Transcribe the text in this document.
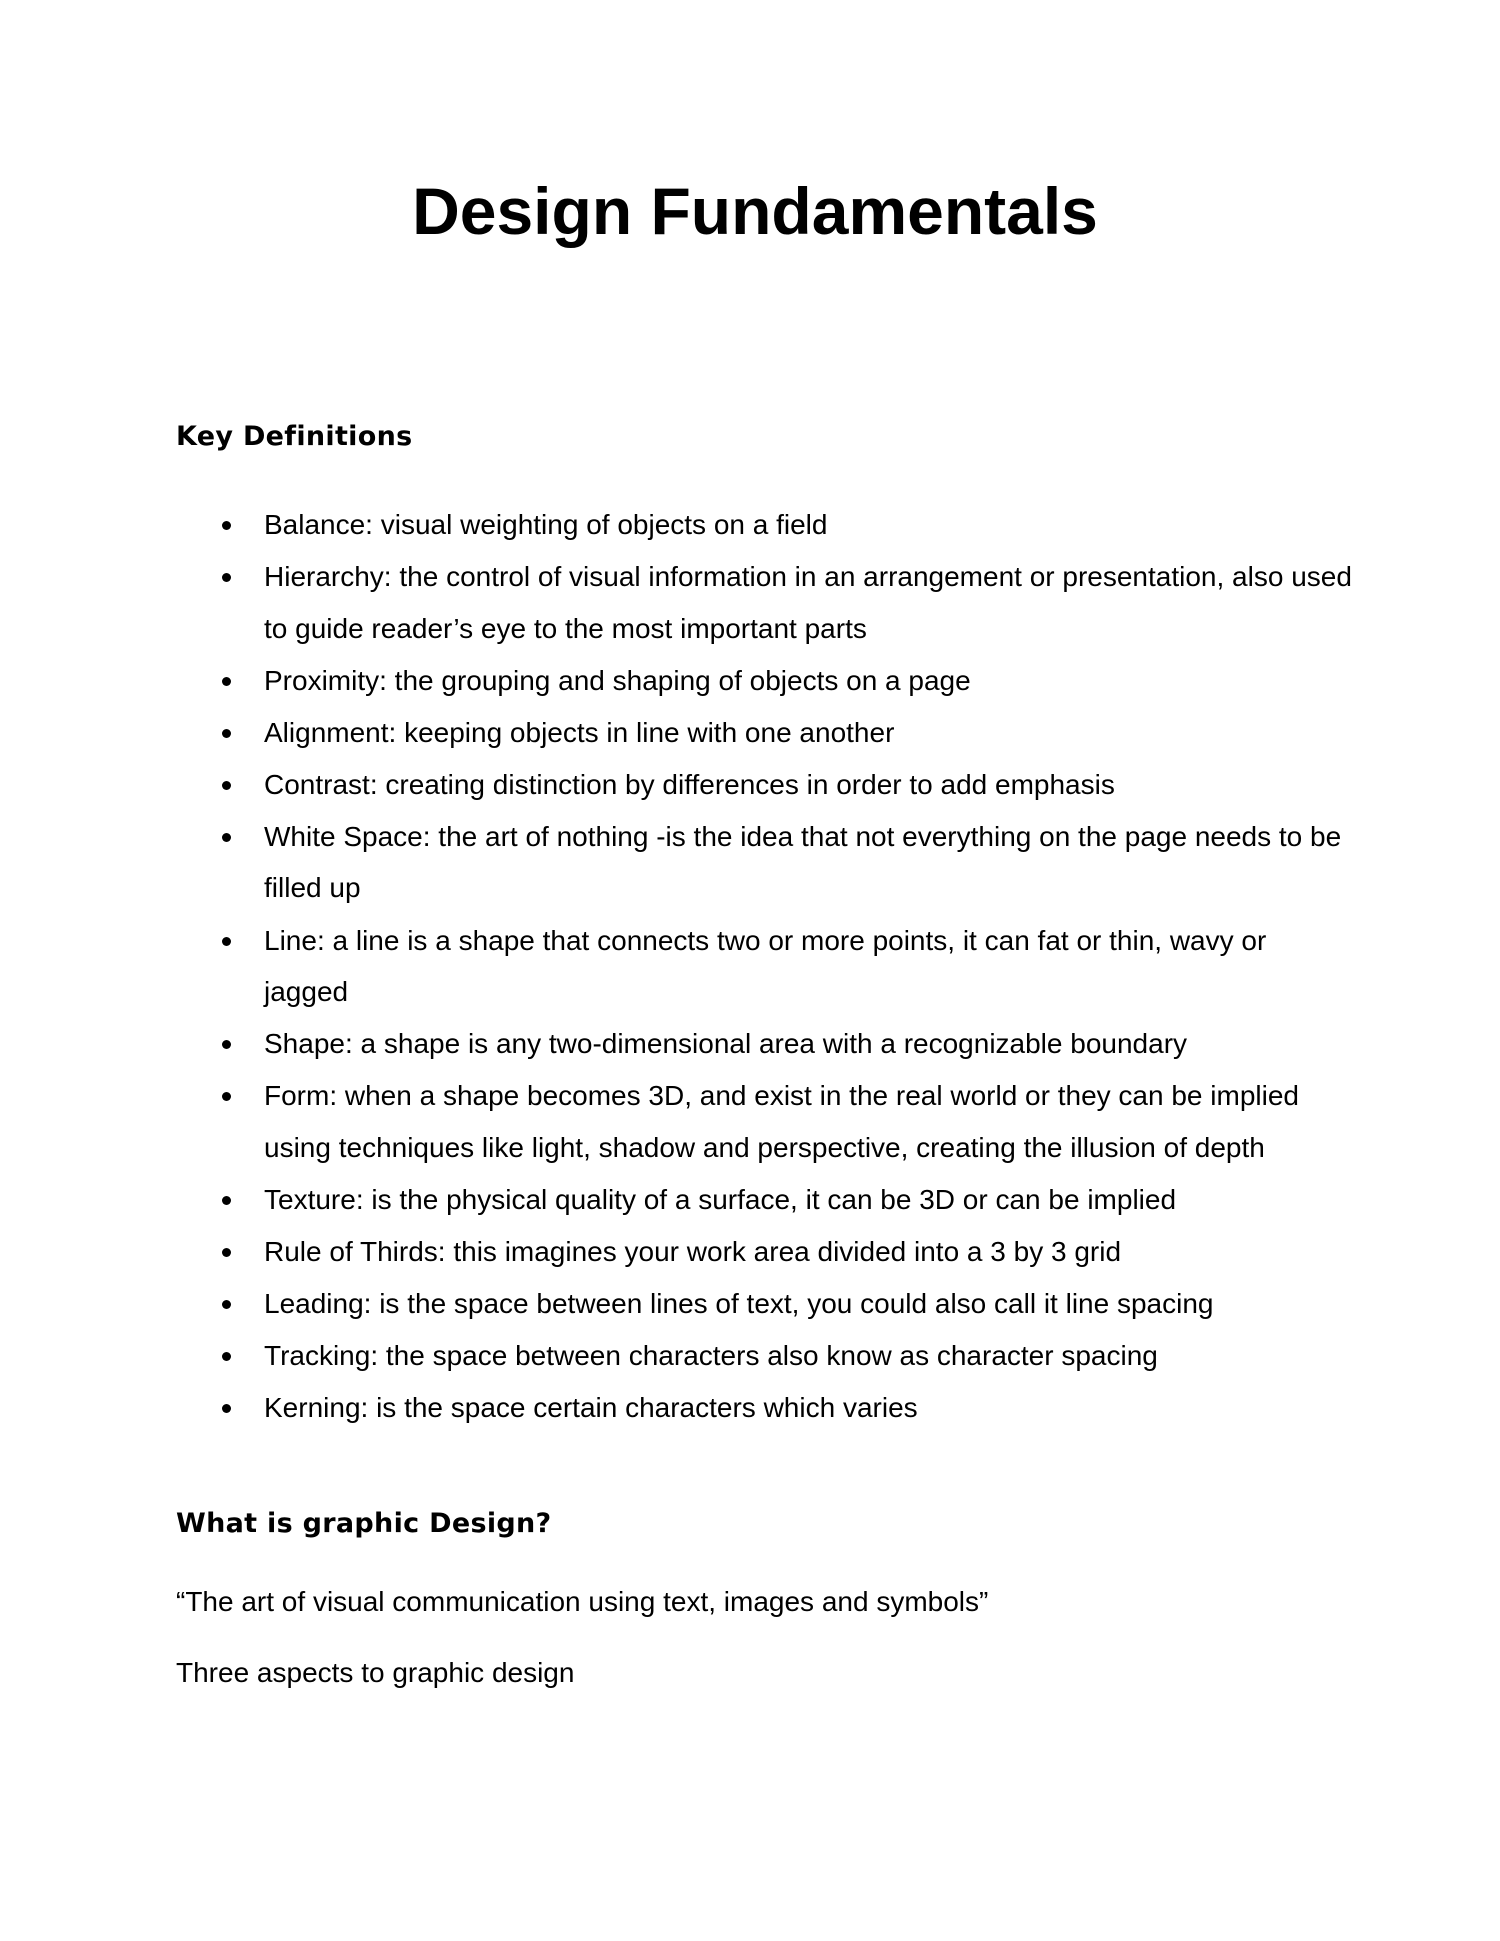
Design Fundamentals
Key Definitions
Balance: visual weighting of objects on a field
Hierarchy: the control of visual information in an arrangement or presentation, also used to guide reader’s eye to the most important parts
Proximity: the grouping and shaping of objects on a page
Alignment: keeping objects in line with one another
Contrast: creating distinction by differences in order to add emphasis
White Space: the art of nothing -is the idea that not everything on the page needs to be filled up
Line: a line is a shape that connects two or more points, it can fat or thin, wavy or jagged
Shape: a shape is any two-dimensional area with a recognizable boundary
Form: when a shape becomes 3D, and exist in the real world or they can be implied using techniques like light, shadow and perspective, creating the illusion of depth
Texture: is the physical quality of a surface, it can be 3D or can be implied
Rule of Thirds: this imagines your work area divided into a 3 by 3 grid
Leading: is the space between lines of text, you could also call it line spacing
Tracking: the space between characters also know as character spacing
Kerning: is the space certain characters which varies
What is graphic Design?

“The art of visual communication using text, images and symbols”

Three aspects to graphic design
